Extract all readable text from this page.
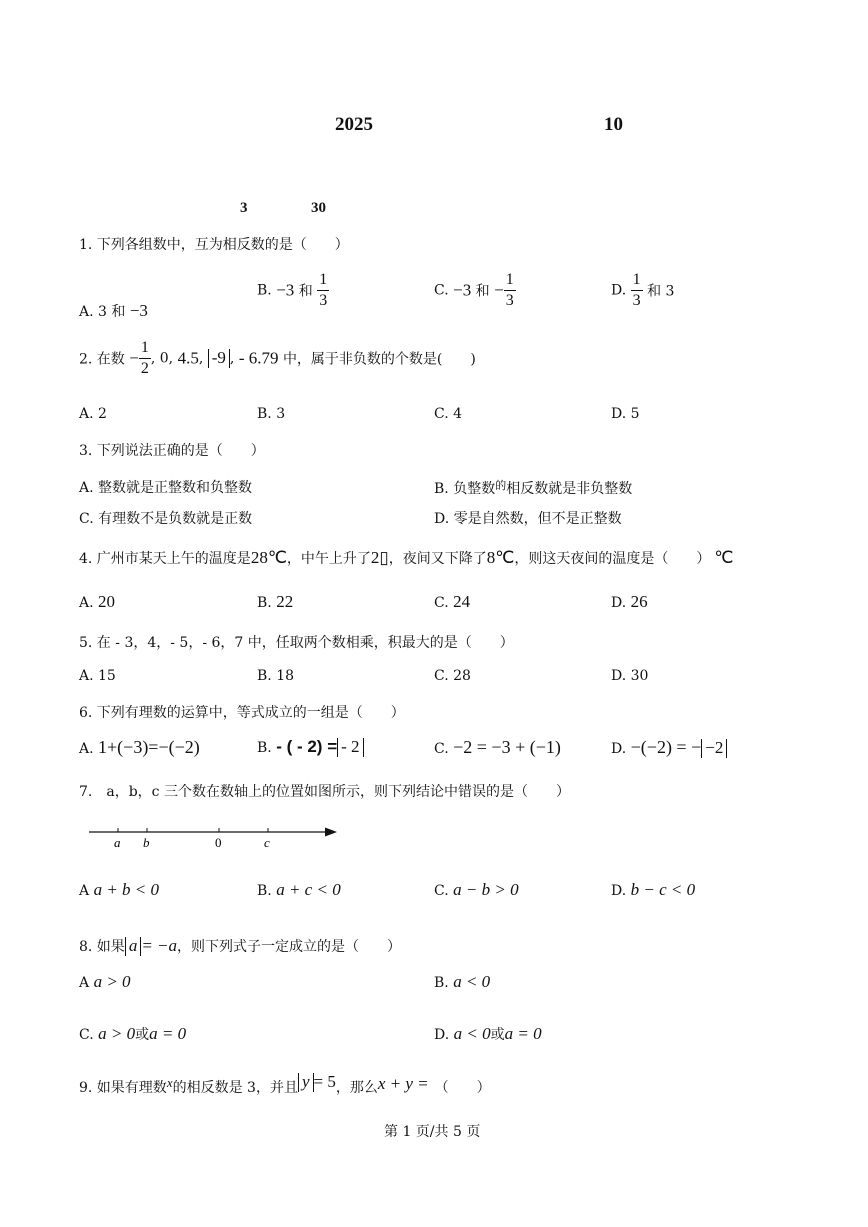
2025	10
3	30
1. 下列各组数中，互为相反数的是（　　）
A. 3 和 −3
B. −3 和 $\frac{1}{3}$	C. −3 和 − $\frac{1}{3}$	D. $\frac{1}{3}$ 和 3
2. 在数 − $\frac{1}{2}$ , 0, 4.5, -9 , - 6.79 中，属于非负数的个数是(　　)
A. 2	B. 3	C. 4	D. 5
3. 下列说法正确的是（　　）
A. 整数就是正整数和负整数	B. 负整数$^的$相反数就是非负整数
C. 有理数不是负数就是正数	D. 零是自然数，但不是正整数
4. 广州市某天上午的温度是28℃，中午上升了2▯，夜间又下降了8℃，则这天夜间的温度是（　　） ℃
A. 20	B. 22	C. 24	D. 26
5. 在 - 3，4，- 5，- 6，7 中，任取两个数相乘，积最大的是（　　）
A. 15	B. 18	C. 28	D. 30
6. 下列有理数的运算中，等式成立的一组是（　　）
A. 1+(−3)=−(−2)	B. - ( - 2) = - 2	C. −2 = −3 + (−1)	D. −(−2) = − −2
7.　a，b，c 三个数在数轴上的位置如图所示，则下列结论中错误的是（　　）
a b	0	c
A a + b < 0	B. a + c < 0	C. a − b > 0	D. b − c < 0
8. 如果 a = −a，则下列式子一定成立的是（　　）
A a > 0	B. a < 0
C. a > 0或a = 0	D. a < 0或a = 0
9. 如果有理数x的相反数是 3，并且 y = 5，那么x + y = （　　）
第 1 页/共 5 页
